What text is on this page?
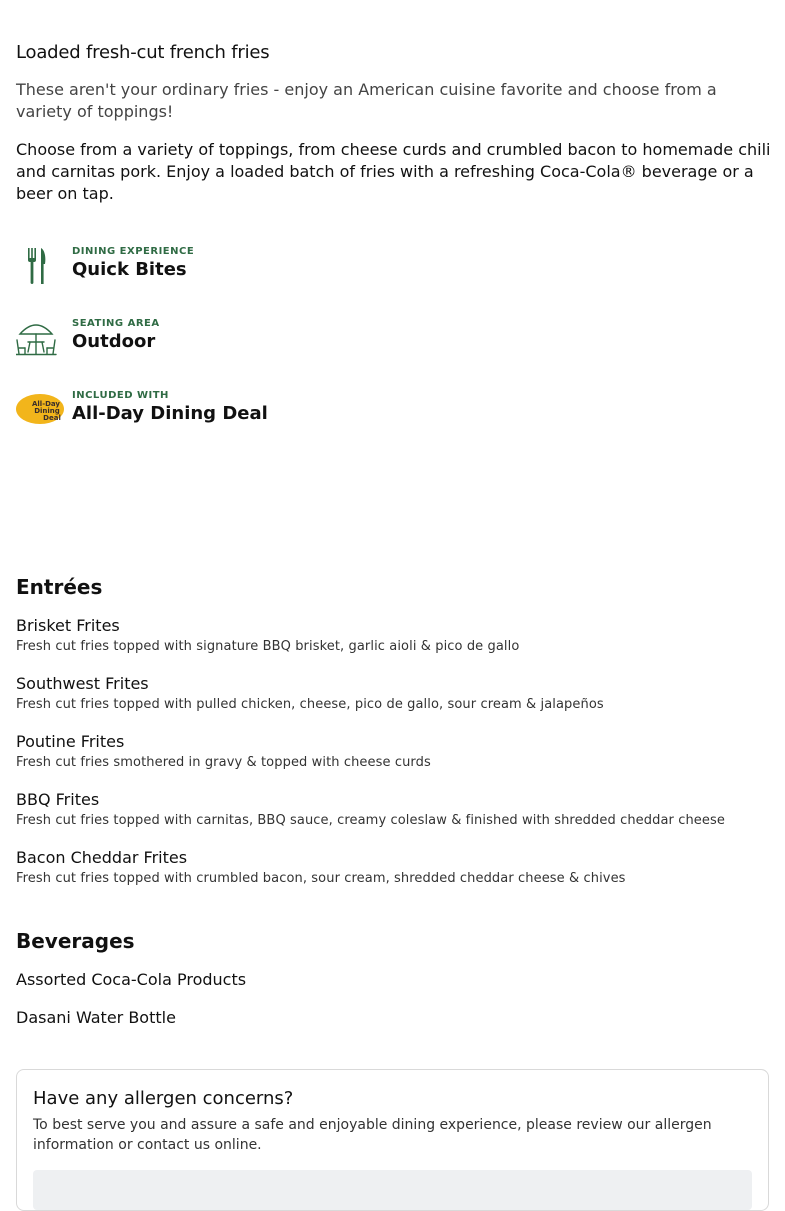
Loaded fresh-cut french fries
These aren't your ordinary fries - enjoy an American cuisine favorite and choose from a variety of toppings!
Choose from a variety of toppings, from cheese curds and crumbled bacon to homemade chili and carnitas pork. Enjoy a loaded batch of fries with a refreshing Coca-Cola® beverage or a beer on tap.
DINING EXPERIENCE
Quick Bites
SEATING AREA
Outdoor
All-Day
Dining
Deal
INCLUDED WITH
All-Day Dining Deal
Entrées
Brisket Frites
Fresh cut fries topped with signature BBQ brisket, garlic aioli & pico de gallo
Southwest Frites
Fresh cut fries topped with pulled chicken, cheese, pico de gallo, sour cream & jalapeños
Poutine Frites
Fresh cut fries smothered in gravy & topped with cheese curds
BBQ Frites
Fresh cut fries topped with carnitas, BBQ sauce, creamy coleslaw & finished with shredded cheddar cheese
Bacon Cheddar Frites
Fresh cut fries topped with crumbled bacon, sour cream, shredded cheddar cheese & chives
Beverages
Assorted Coca-Cola Products
Dasani Water Bottle
Have any allergen concerns?
To best serve you and assure a safe and enjoyable dining experience, please review our allergen information or contact us online.
